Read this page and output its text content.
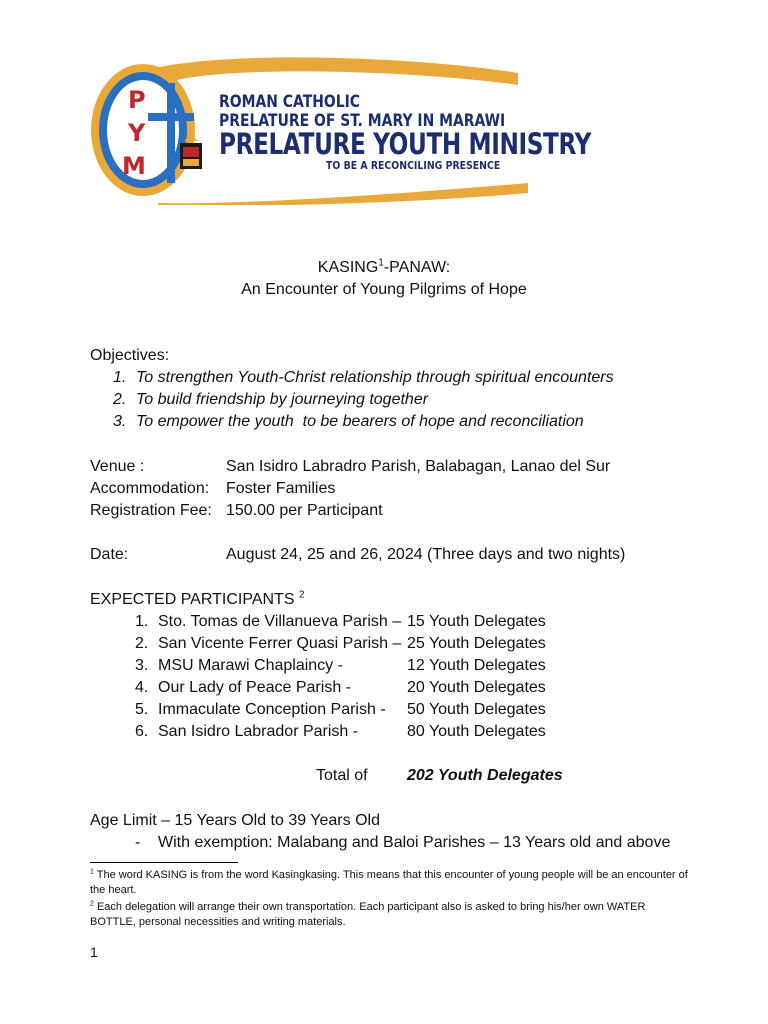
P
Y
M
ROMAN CATHOLIC
PRELATURE OF ST. MARY IN MARAWI
PRELATURE YOUTH MINISTRY
TO BE A RECONCILING PRESENCE
KASING$^1$-PANAW:
An Encounter of Young Pilgrims of Hope
Objectives:
1. To strengthen Youth-Christ relationship through spiritual encounters
2. To build friendship by journeying together
3. To empower the youth  to be bearers of hope and reconciliation
Venue :	San Isidro Labradro Parish, Balabagan, Lanao del Sur
Accommodation: Foster Families
Registration Fee: 150.00 per Participant
Date:	August 24, 25 and 26, 2024 (Three days and two nights)
EXPECTED PARTICIPANTS $^2$
1. Sto. Tomas de Villanueva Parish – 15 Youth Delegates
2. San Vicente Ferrer Quasi Parish – 25 Youth Delegates
3. MSU Marawi Chaplaincy -	12 Youth Delegates
4. Our Lady of Peace Parish -	20 Youth Delegates
5. Immaculate Conception Parish - 50 Youth Delegates
6. San Isidro Labrador Parish -	80 Youth Delegates
Total of 202 Youth Delegates
Age Limit – 15 Years Old to 39 Years Old
- With exemption: Malabang and Baloi Parishes – 13 Years old and above
$^1$ The word KASING is from the word Kasingkasing. This means that this encounter of young people will be an encounter of the heart.
$^2$ Each delegation will arrange their own transportation. Each participant also is asked to bring his/her own WATER BOTTLE, personal necessities and writing materials.
1
